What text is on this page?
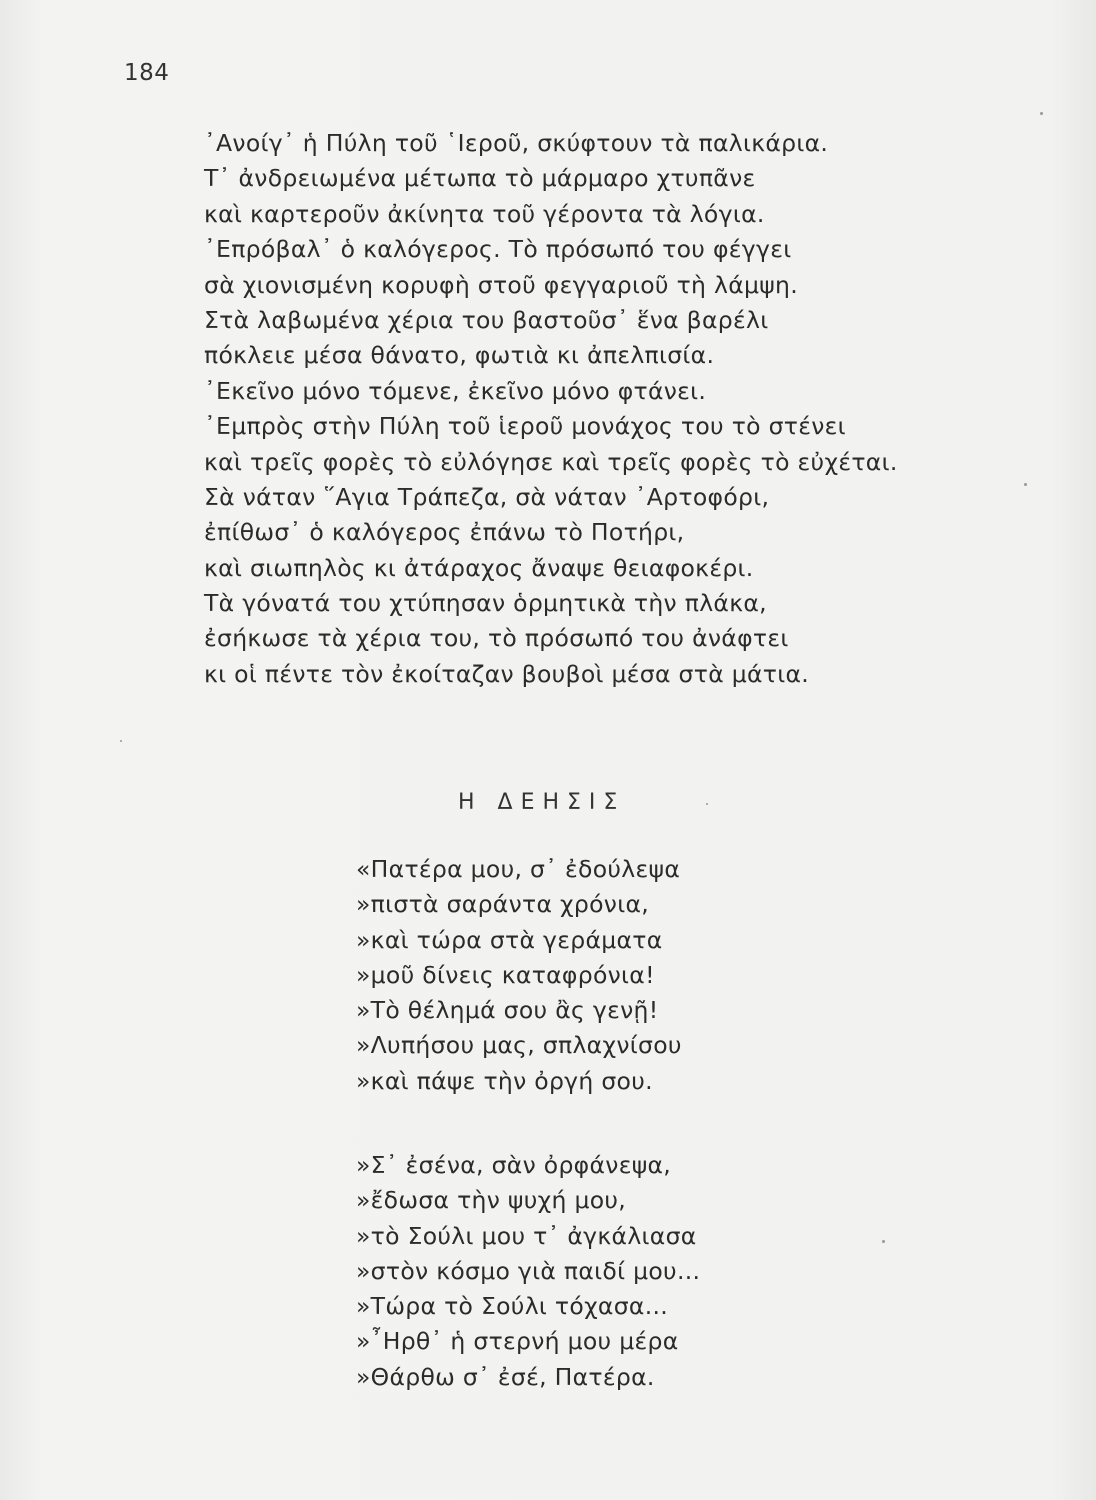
184
᾿Ανοίγ᾿ ἡ Πύλη τοῦ ῾Ιεροῦ, σκύφτουν τὰ παλικάρια.
Τ᾿ ἀνδρειωμένα μέτωπα τὸ μάρμαρο χτυπᾶνε
καὶ καρτεροῦν ἀκίνητα τοῦ γέροντα τὰ λόγια.
᾿Επρόβαλ᾿ ὁ καλόγερος. Τὸ πρόσωπό του φέγγει
σὰ χιονισμένη κορυφὴ στοῦ φεγγαριοῦ τὴ λάμψη.
Στὰ λαβωμένα χέρια του βαστοῦσ᾿ ἕνα βαρέλι
πόκλειε μέσα θάνατο, φωτιὰ κι ἀπελπισία.
᾿Εκεῖνο μόνο τόμενε, ἐκεῖνο μόνο φτάνει.
᾿Εμπρὸς στὴν Πύλη τοῦ ἱεροῦ μονάχος του τὸ στένει
καὶ τρεῖς φορὲς τὸ εὐλόγησε καὶ τρεῖς φορὲς τὸ εὐχέται.
Σὰ νάταν ῞Αγια Τράπεζα, σὰ νάταν ᾿Αρτοφόρι,
ἐπίθωσ᾿ ὁ καλόγερος ἐπάνω τὸ Ποτήρι,
καὶ σιωπηλὸς κι ἀτάραχος ἄναψε θειαφοκέρι.
Τὰ γόνατά του χτύπησαν ὁρμητικὰ τὴν πλάκα,
ἐσήκωσε τὰ χέρια του, τὸ πρόσωπό του ἀνάφτει
κι οἱ πέντε τὸν ἐκοίταζαν βουβοὶ μέσα στὰ μάτια.
Η ΔΕΗΣΙΣ
«Πατέρα μου, σ᾿ ἐδούλεψα
»πιστὰ σαράντα χρόνια,
»καὶ τώρα στὰ γεράματα
»μοῦ δίνεις καταφρόνια!
»Τὸ θέλημά σου ἂς γενῇ!
»Λυπήσου μας, σπλαχνίσου
»καὶ πάψε τὴν ὀργή σου.
»Σ᾿ ἐσένα, σὰν ὀρφάνεψα,
»ἔδωσα τὴν ψυχή μου,
»τὸ Σούλι μου τ᾿ ἀγκάλιασα
»στὸν κόσμο γιὰ παιδί μου...
»Τώρα τὸ Σούλι τόχασα...
»῏Ηρθ᾿ ἡ στερνή μου μέρα
»Θάρθω σ᾿ ἐσέ, Πατέρα.
